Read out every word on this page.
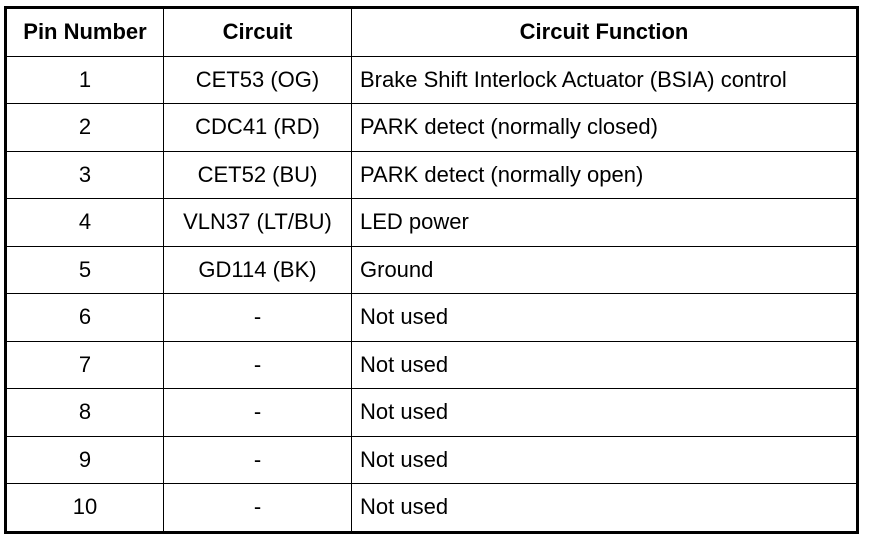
Pin Number	Circuit	Circuit Function
1	CET53 (OG)	Brake Shift Interlock Actuator (BSIA) control
2	CDC41 (RD)	PARK detect (normally closed)
3	CET52 (BU)	PARK detect (normally open)
4	VLN37 (LT/BU)	LED power
5	GD114 (BK)	Ground
6	-	Not used
7	-	Not used
8	-	Not used
9	-	Not used
10	-	Not used
